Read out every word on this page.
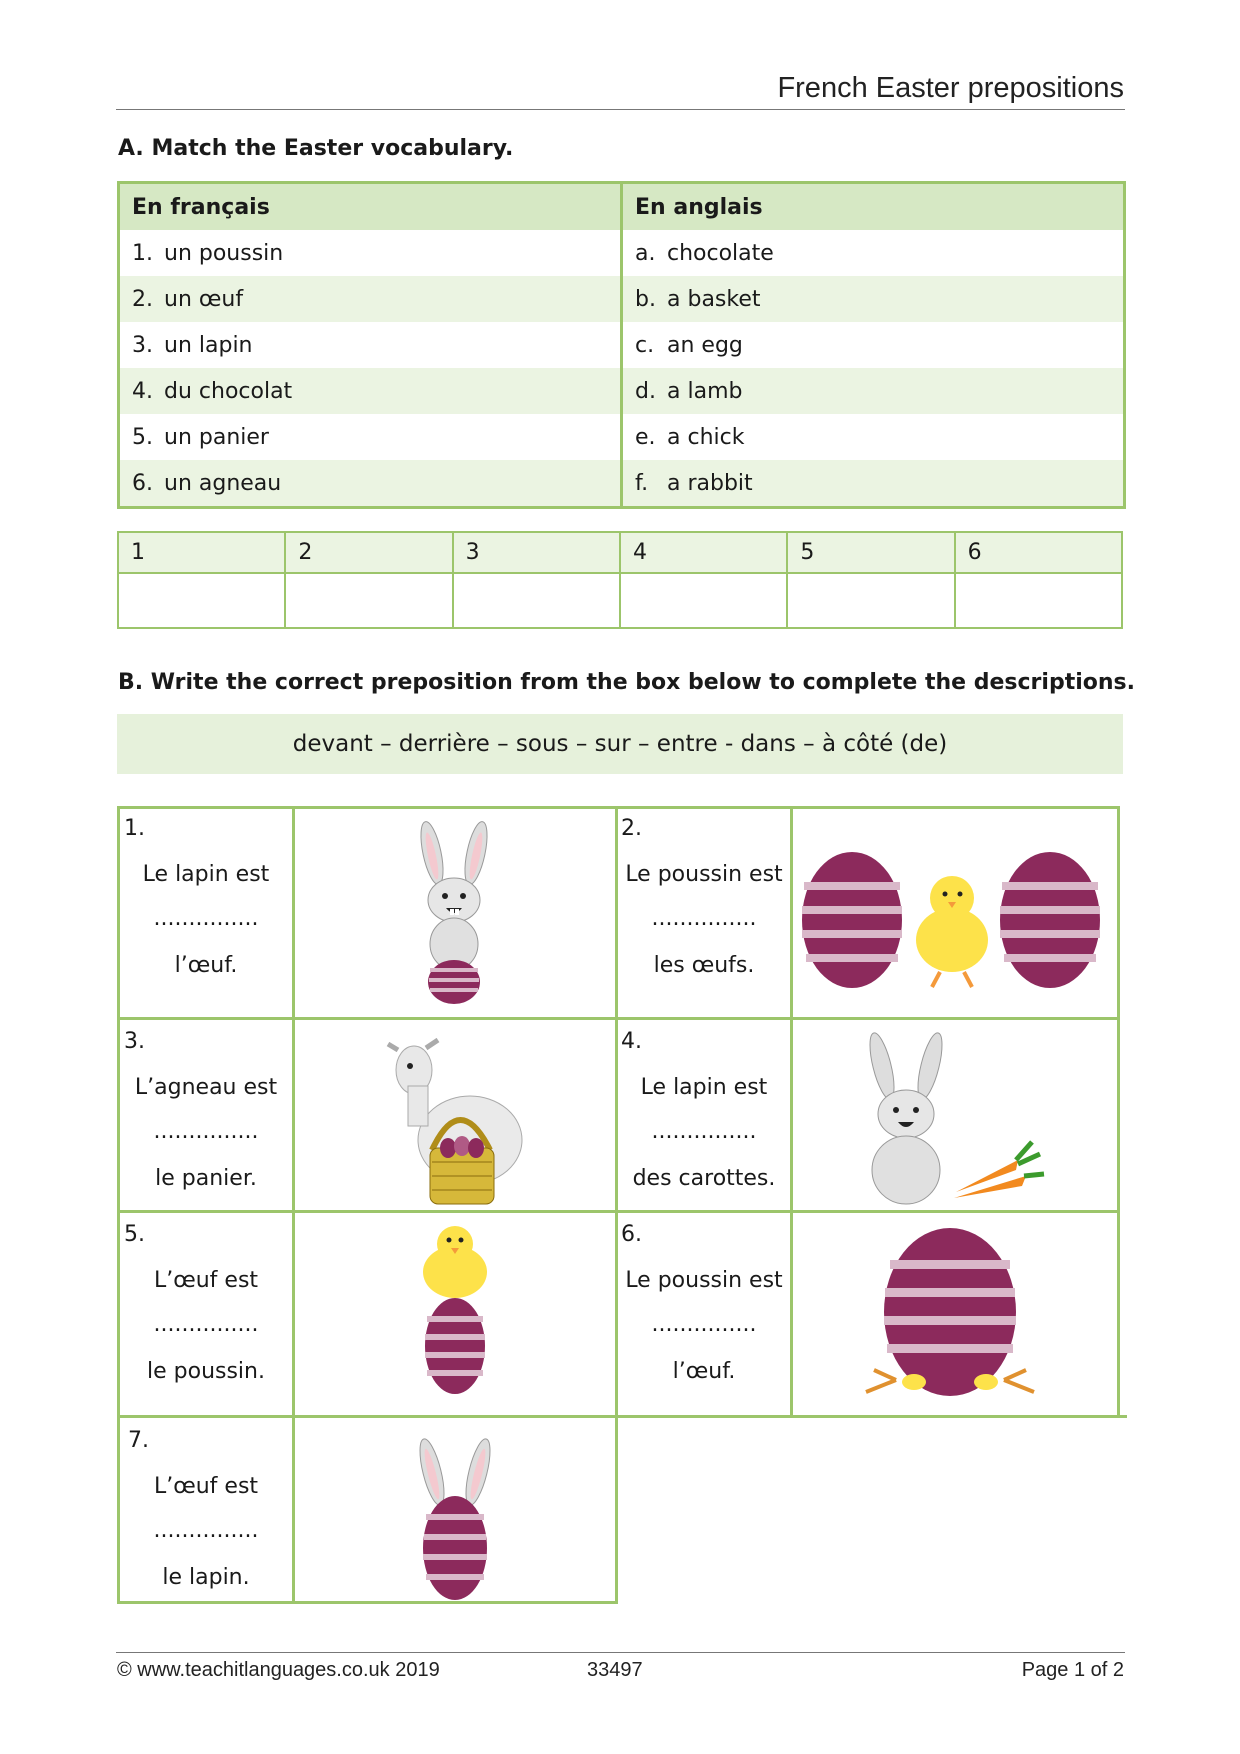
French Easter prepositions
A. Match the Easter vocabulary.
En français	En anglais
1. un poussin	a. chocolate
2. un œuf	b. a basket
3. un lapin	c. an egg
4. du chocolat	d. a lamb
5. un panier	e. a chick
6. un agneau	f. a rabbit
1	2	3	4	5	6

B. Write the correct preposition from the box below to complete the descriptions.
devant – derrière – sous – sur – entre - dans – à côté (de)
1.
Le lapin est
...............
l’œuf.
2.
Le poussin est
...............
les œufs.
3.
L’agneau est
...............
le panier.
4.
Le lapin est
...............
des carottes.
5.
L’œuf est
...............
le poussin.
6.
Le poussin est
...............
l’œuf.
7.
L’œuf est
...............
le lapin.
© www.teachitlanguages.co.uk 2019	33497	Page 1 of 2
